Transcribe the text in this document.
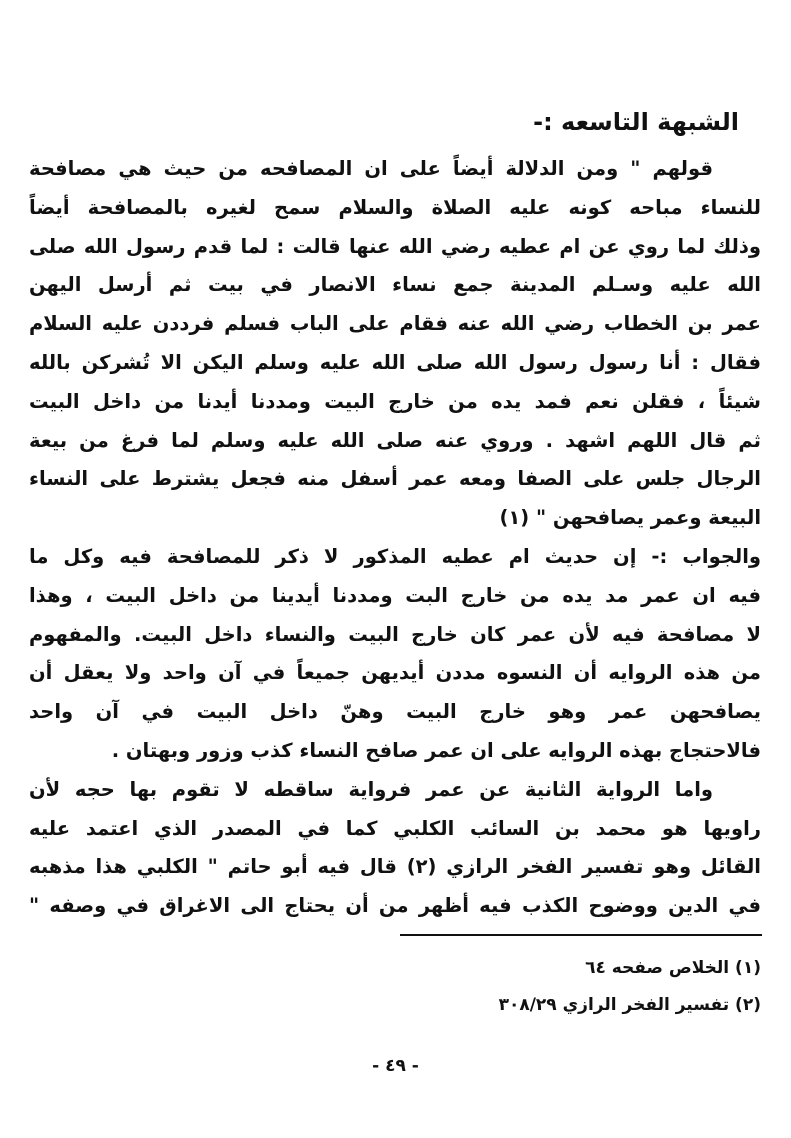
الشبهة التاسعه :-
قولهم " ومن الدلالة أيضاً على ان المصافحه من حيث هي مصافحة
للنساء مباحه كونه عليه الصلاة والسلام سمح لغيره بالمصافحة أيضاً
وذلك لما روي عن ام عطيه رضي الله عنها قالت : لما قدم رسول الله صلى
الله عليه وسـلم المدينة جمع نساء الانصار في بيت ثم أرسل اليهن
عمر بن الخطاب رضي الله عنه فقام على الباب فسلم فرددن عليه السلام
فقال : أنا رسول رسول الله صلى الله عليه وسلم اليكن الا تُشركن بالله
شيئاً ، فقلن نعم فمد يده من خارج البيت ومددنا أيدنا من داخل البيت
ثم قال اللهم اشهد . وروي عنه صلى الله عليه وسلم لما فرغ من بيعة
الرجال جلس على الصفا ومعه عمر أسفل منه فجعل يشترط على النساء
البيعة وعمر يصافحهن " (١)
والجواب :- إن حديث ام عطيه المذكور لا ذكر للمصافحة فيه وكل ما
فيه ان عمر مد يده من خارج البت ومددنا أيدينا من داخل البيت ، وهذا
لا مصافحة فيه لأن عمر كان خارج البيت والنساء داخل البيت. والمفهوم
من هذه الروايه أن النسوه مددن أيديهن جميعاً في آن واحد ولا يعقل أن
يصافحهن عمر وهو خارج البيت وهنّ داخل البيت في آن واحد
فالاحتجاج بهذه الروايه على ان عمر صافح النساء كذب وزور وبهتان .
واما الرواية الثانية عن عمر فرواية ساقطه لا تقوم بها حجه لأن
راويها هو محمد بن السائب الكلبي كما في المصدر الذي اعتمد عليه
القائل وهو تفسير الفخر الرازي (٢) قال فيه أبو حاتم " الكلبي هذا مذهبه
في الدين ووضوح الكذب فيه أظهر من أن يحتاج الى الاغراق في وصفه "
(١) الخلاص صفحه ٦٤
(٢) تفسير الفخر الرازي ٣٠٨/٢٩
- ٤٩ -
